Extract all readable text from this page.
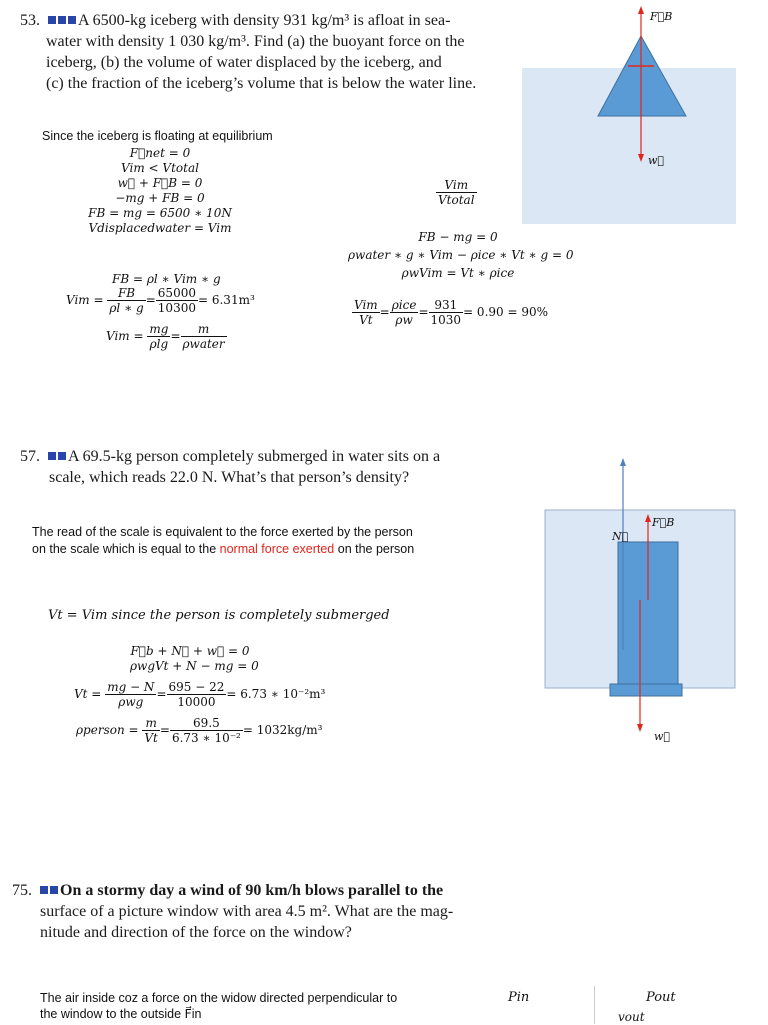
53. A 6500-kg iceberg with density 931 kg/m³ is afloat in sea-
water with density 1 030 kg/m³. Find (a) the buoyant force on the
iceberg, (b) the volume of water displaced by the iceberg, and
(c) the fraction of the iceberg’s volume that is below the water line.
Since the iceberg is floating at equilibrium
F⃗net = 0
Vim < Vtotal
w⃗ + F⃗B = 0
−mg + FB = 0
FB = mg = 6500 ∗ 10N
Vdisplacedwater = Vim
FB = ρl ∗ Vim ∗ g
Vim = $\frac{FB}{\rho l ∗ g} = \frac{65000}{10300} = 6.31m^3$
Vim = $\frac{mg}{\rho\lg} = \frac{m}{\text{ρwater}}$
$\frac{\text{Vim}}{\text{Vtotal}}$
FB − mg = 0
ρwater ∗ g ∗ Vim − ρice ∗ Vt ∗ g = 0
ρwVim = Vt ∗ ρice
$\frac{\text{Vim}}{Vt} = \frac{\text{ρice}}{\rho w} = \frac{931}{1030} = 0.90 = 90\%$
F⃗B
w⃗
57. A 69.5-kg person completely submerged in water sits on a
scale, which reads 22.0 N. What’s that person’s density?
The read of the scale is equivalent to the force exerted by the person
on the scale which is equal to the normal force exerted on the person
Vt = Vim since the person is completely submerged
F⃗b + N⃗ + w⃗ = 0
ρwgVt + N − mg = 0
$Vt = \frac{mg - N}{\text{ρwg}} = \frac{695 - 22}{10000} = 6.73$ ∗ 10⁻²m³
ρperson = $\frac{m}{Vt} = \frac{69.5}{\text{6.73 ∗ 10⁻²}} = 1032kg/m^3$
N⃗
F⃗B
w⃗
75. On a stormy day a wind of 90 km/h blows parallel to the
surface of a picture window with area 4.5 m². What are the mag-
nitude and direction of the force on the window?
The air inside coz a force on the widow directed perpendicular to
the window to the outside F⃗in
Pin	Pout
vout
